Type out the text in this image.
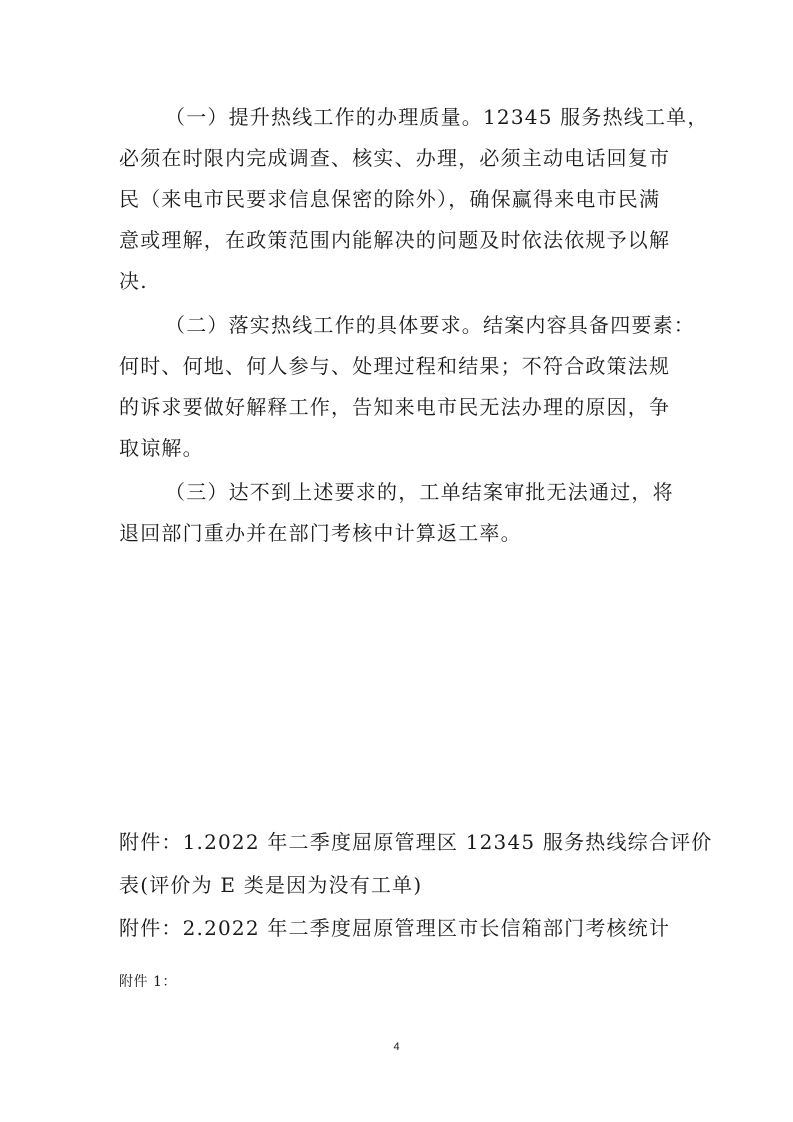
（一）提升热线工作的办理质量。12345 服务热线工单，

必须在时限内完成调查、核实、办理，必须主动电话回复市

民（来电市民要求信息保密的除外），确保赢得来电市民满

意或理解，在政策范围内能解决的问题及时依法依规予以解

决.

（二）落实热线工作的具体要求。结案内容具备四要素：

何时、何地、何人参与、处理过程和结果；不符合政策法规

的诉求要做好解释工作，告知来电市民无法办理的原因，争

取谅解。

（三）达不到上述要求的，工单结案审批无法通过，将

退回部门重办并在部门考核中计算返工率。

附件：1.2022 年二季度屈原管理区 12345 服务热线综合评价

表(评价为 E 类是因为没有工单)

附件：2.2022 年二季度屈原管理区市长信箱部门考核统计

附件 1：

4
